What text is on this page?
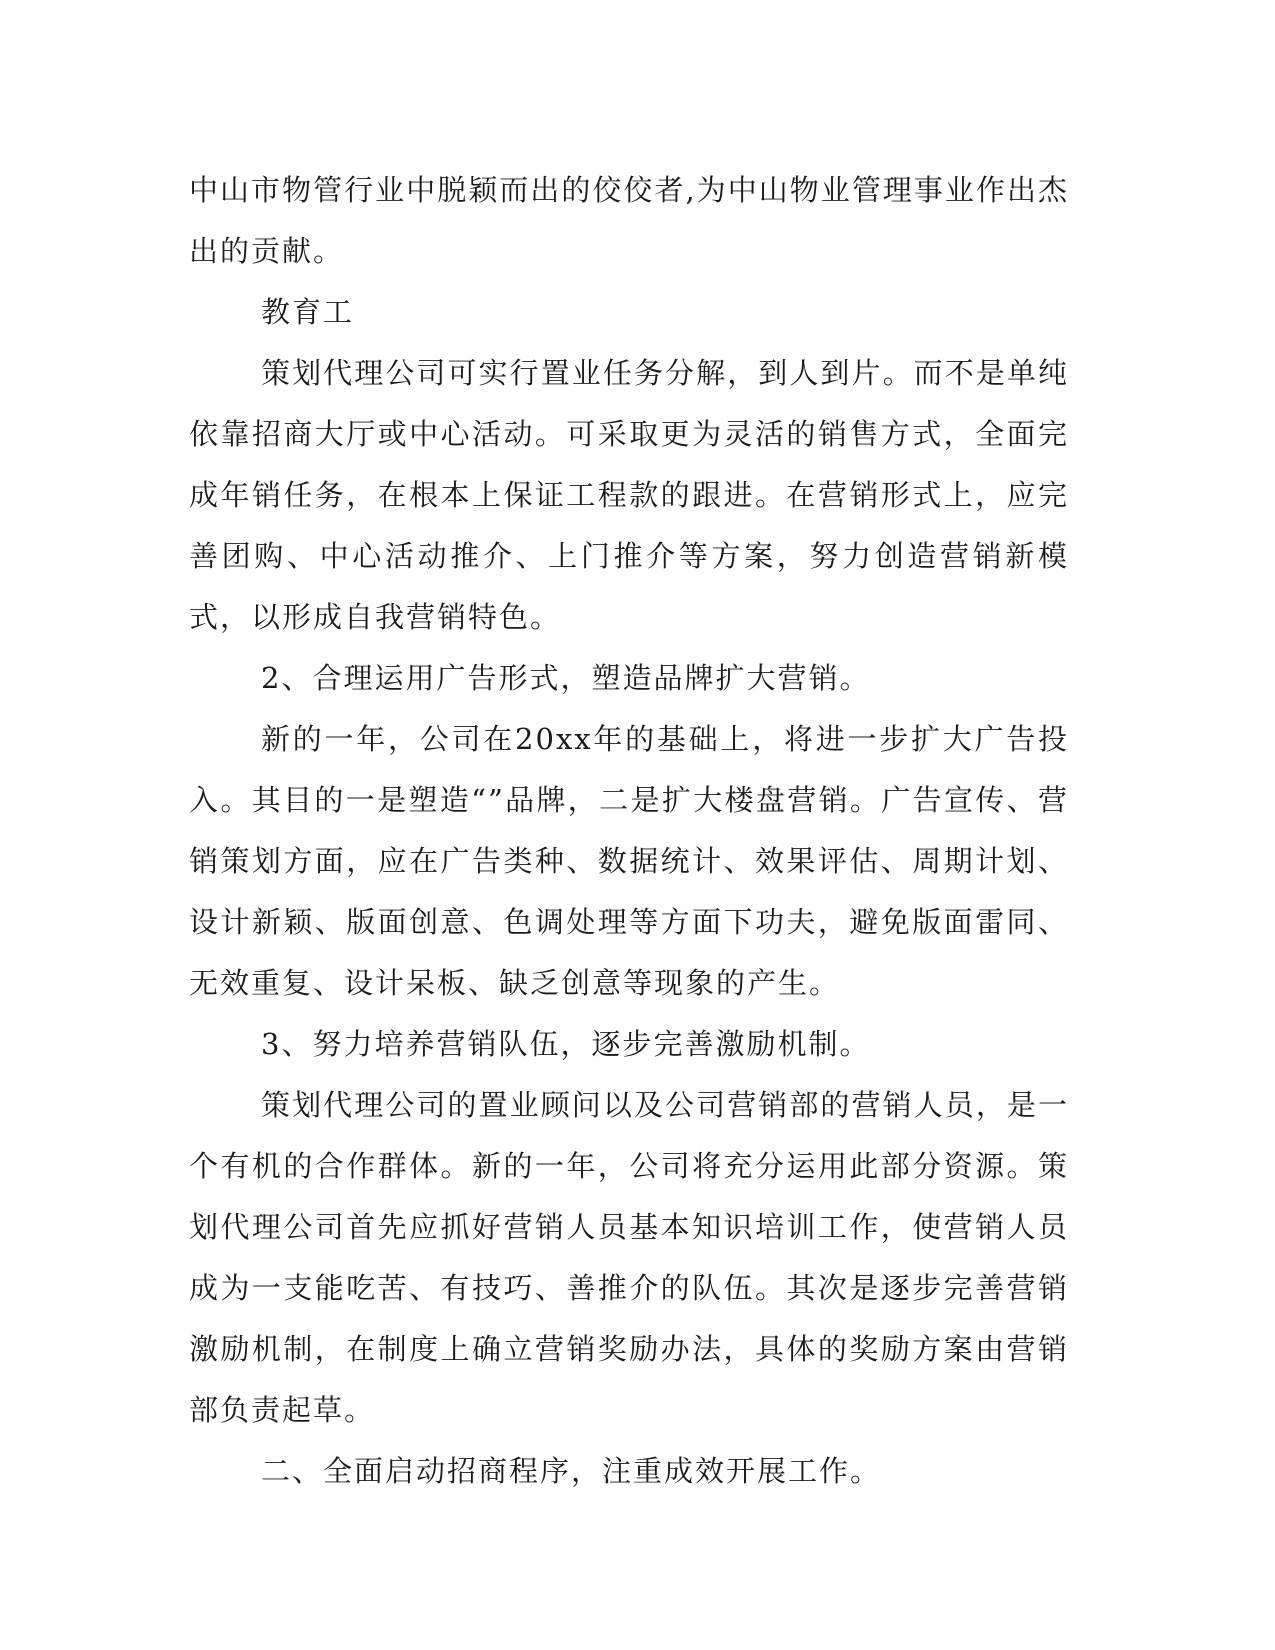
中山市物管行业中脱颖而出的佼佼者,为中山物业管理事业作出杰出的贡献。

教育工

策划代理公司可实行置业任务分解，到人到片。而不是单纯依靠招商大厅或中心活动。可采取更为灵活的销售方式，全面完成年销任务，在根本上保证工程款的跟进。在营销形式上，应完善团购、中心活动推介、上门推介等方案，努力创造营销新模式，以形成自我营销特色。

2、合理运用广告形式，塑造品牌扩大营销。

新的一年，公司在20xx年的基础上，将进一步扩大广告投入。其目的一是塑造“”品牌，二是扩大楼盘营销。广告宣传、营销策划方面，应在广告类种、数据统计、效果评估、周期计划、设计新颖、版面创意、色调处理等方面下功夫，避免版面雷同、无效重复、设计呆板、缺乏创意等现象的产生。

3、努力培养营销队伍，逐步完善激励机制。

策划代理公司的置业顾问以及公司营销部的营销人员，是一个有机的合作群体。新的一年，公司将充分运用此部分资源。策划代理公司首先应抓好营销人员基本知识培训工作，使营销人员成为一支能吃苦、有技巧、善推介的队伍。其次是逐步完善营销激励机制，在制度上确立营销奖励办法，具体的奖励方案由营销部负责起草。

二、全面启动招商程序，注重成效开展工作。
